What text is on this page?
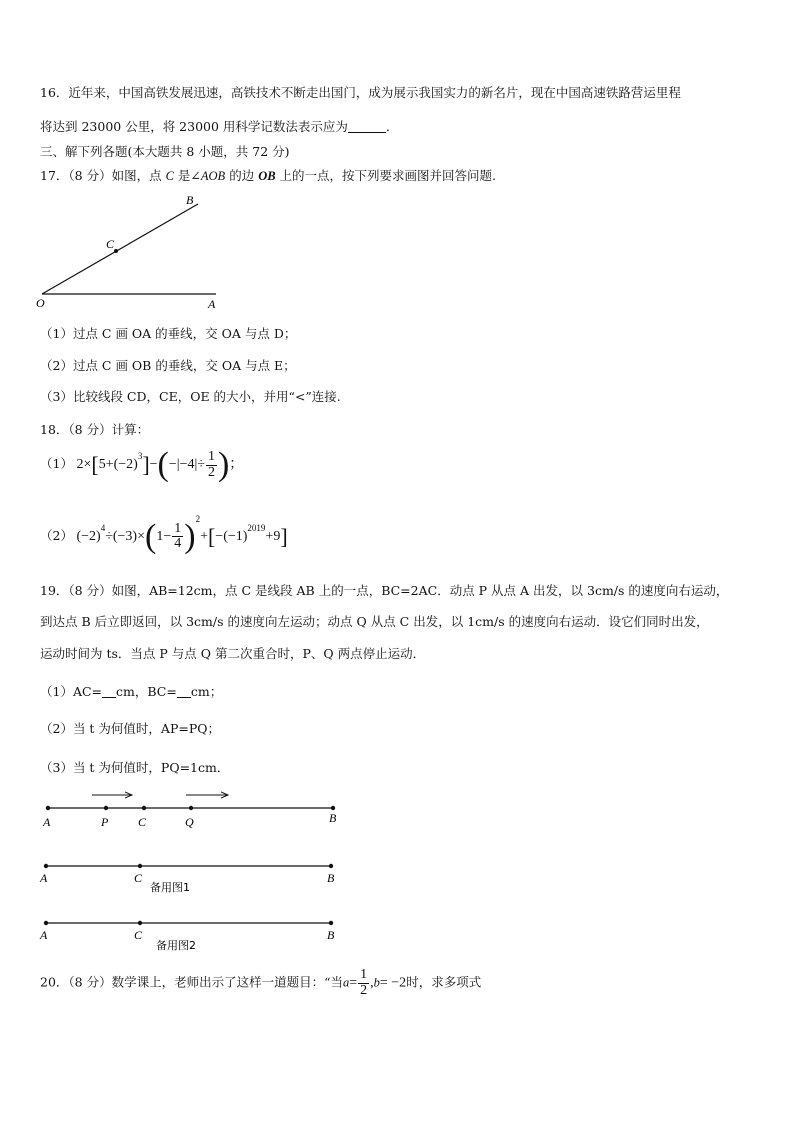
16．近年来，中国高铁发展迅速，高铁技术不断走出国门，成为展示我国实力的新名片，现在中国高速铁路营运里程
将达到 23000 公里，将 23000 用科学记数法表示应为	．
三、解下列各题(本大题共 8 小题，共 72 分)
17．（8 分）如图，点 C 是∠AOB 的边 OB 上的一点，按下列要求画图并回答问题.
O	A
B
C
（1）过点 C 画 OA 的垂线，交 OA 与点 D；
（2）过点 C 画 OB 的垂线，交 OA 与点 E；
（3）比较线段 CD，CE，OE 的大小，并用“<”连接.
18．（8 分）计算：
（1） $2\times[5+(-2)^3]-(-|-4|\div \frac{1}{2}$ )；
（2） $(-2)^4\div(-3)\times(1- \frac{1}{4} )^2+[-(-1)^{2019}+9]$
19．（8 分）如图，AB=12cm，点 C 是线段 AB 上的一点，BC=2AC．动点 P 从点 A 出发，以 3cm/s 的速度向右运动，
到达点 B 后立即返回，以 3cm/s 的速度向左运动；动点 Q 从点 C 出发，以 1cm/s 的速度向右运动．设它们同时出发，
运动时间为 ts．当点 P 与点 Q 第二次重合时，P、Q 两点停止运动．
（1）AC= cm，BC= cm；
（2）当 t 为何值时，AP=PQ；
（3）当 t 为何值时，PQ=1cm．
A	P C	Q	B
A	C	B
备用图1
A	C	B
备用图2
20．（8 分）数学课上，老师出示了这样一道题目：“当$a= \frac{1}{2} ,b= -2$时，求多项式
